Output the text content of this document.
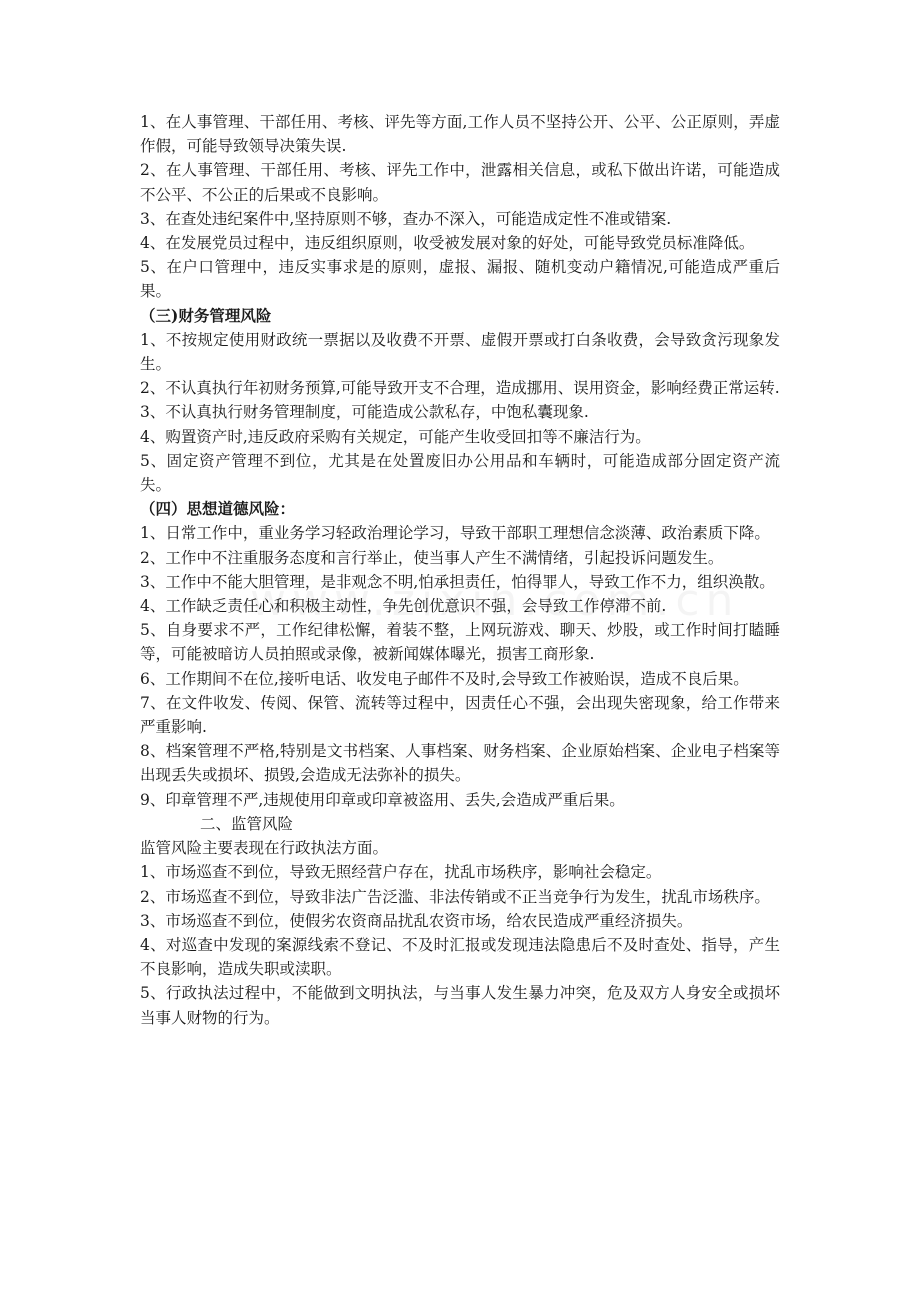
1、在人事管理、干部任用、考核、评先等方面,工作人员不坚持公开、公平、公正原则，弄虚作假，可能导致领导决策失误.

2、在人事管理、干部任用、考核、评先工作中，泄露相关信息，或私下做出许诺，可能造成不公平、不公正的后果或不良影响。

3、在查处违纪案件中,坚持原则不够，查办不深入，可能造成定性不准或错案.

4、在发展党员过程中，违反组织原则，收受被发展对象的好处，可能导致党员标准降低。

5、在户口管理中，违反实事求是的原则，虚报、漏报、随机变动户籍情况,可能造成严重后果。

（三)财务管理风险

1、不按规定使用财政统一票据以及收费不开票、虚假开票或打白条收费，会导致贪污现象发生。

2、不认真执行年初财务预算,可能导致开支不合理，造成挪用、误用资金，影响经费正常运转.

3、不认真执行财务管理制度，可能造成公款私存，中饱私囊现象.

4、购置资产时,违反政府采购有关规定，可能产生收受回扣等不廉洁行为。

5、固定资产管理不到位，尤其是在处置废旧办公用品和车辆时，可能造成部分固定资产流失。

（四）思想道德风险：

1、日常工作中，重业务学习轻政治理论学习，导致干部职工理想信念淡薄、政治素质下降。

2、工作中不注重服务态度和言行举止，使当事人产生不满情绪，引起投诉问题发生。

3、工作中不能大胆管理，是非观念不明,怕承担责任，怕得罪人，导致工作不力，组织涣散。

4、工作缺乏责任心和积极主动性，争先创优意识不强，会导致工作停滞不前.

5、自身要求不严，工作纪律松懈，着装不整，上网玩游戏、聊天、炒股，或工作时间打瞌睡等，可能被暗访人员拍照或录像，被新闻媒体曝光，损害工商形象.

6、工作期间不在位,接听电话、收发电子邮件不及时,会导致工作被贻误，造成不良后果。

7、在文件收发、传阅、保管、流转等过程中，因责任心不强，会出现失密现象，给工作带来严重影响.

8、档案管理不严格,特别是文书档案、人事档案、财务档案、企业原始档案、企业电子档案等出现丢失或损坏、损毁,会造成无法弥补的损失。

9、印章管理不严,违规使用印章或印章被盗用、丢失,会造成严重后果。

二、监管风险

监管风险主要表现在行政执法方面。

1、市场巡查不到位，导致无照经营户存在，扰乱市场秩序，影响社会稳定。

2、市场巡查不到位，导致非法广告泛滥、非法传销或不正当竞争行为发生，扰乱市场秩序。

3、市场巡查不到位，使假劣农资商品扰乱农资市场，给农民造成严重经济损失。

4、对巡查中发现的案源线索不登记、不及时汇报或发现违法隐患后不及时查处、指导，产生不良影响，造成失职或渎职。

5、行政执法过程中，不能做到文明执法，与当事人发生暴力冲突，危及双方人身安全或损坏当事人财物的行为。
